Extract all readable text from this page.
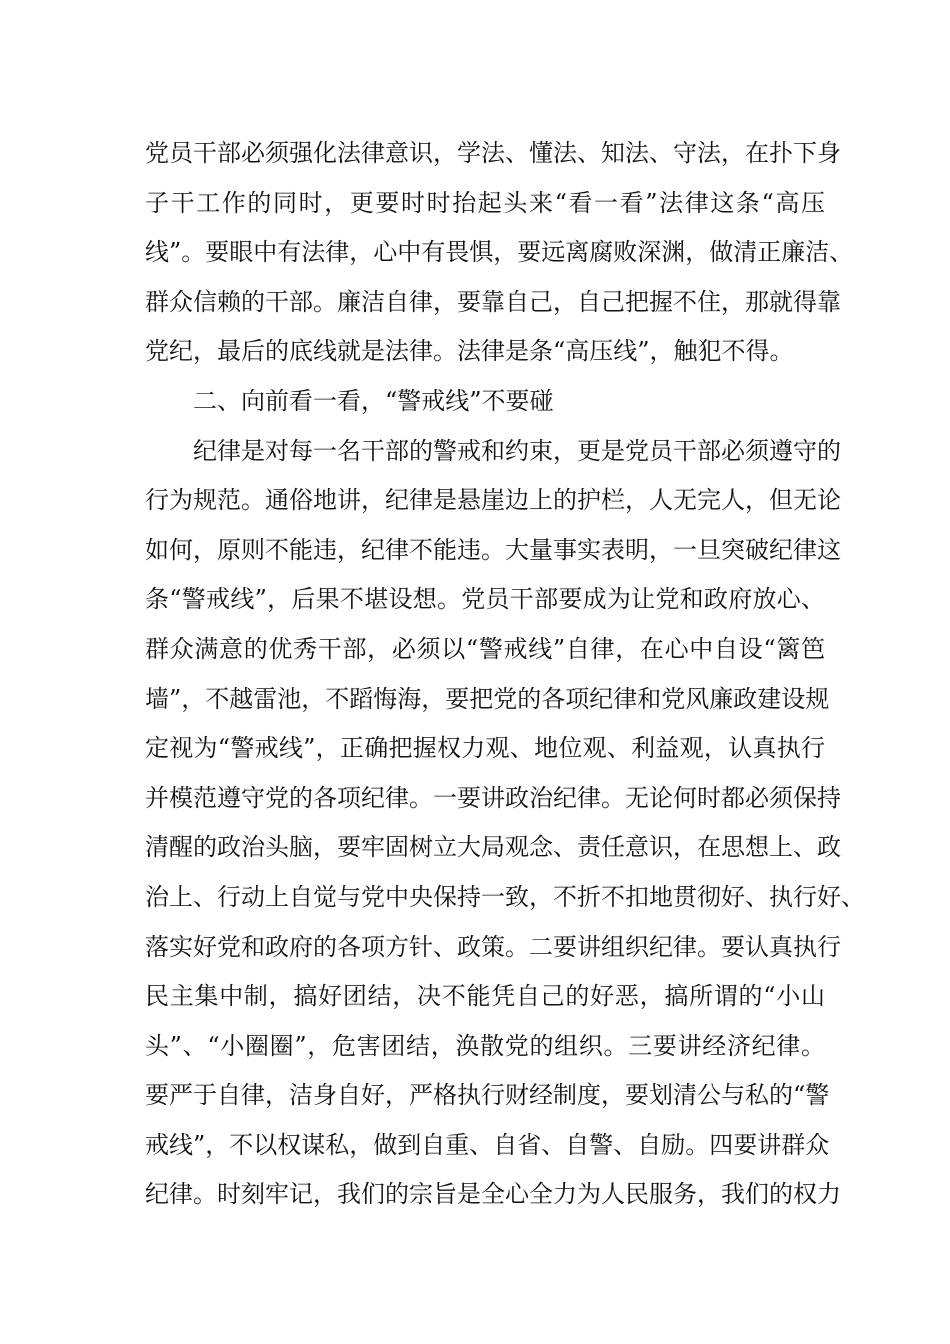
党员干部必须强化法律意识，学法、懂法、知法、守法，在扑下身
子干工作的同时，更要时时抬起头来“看一看”法律这条“高压
线”。要眼中有法律，心中有畏惧，要远离腐败深渊，做清正廉洁、
群众信赖的干部。廉洁自律，要靠自己，自己把握不住，那就得靠
党纪，最后的底线就是法律。法律是条“高压线”，触犯不得。
二、向前看一看，“警戒线”不要碰
纪律是对每一名干部的警戒和约束，更是党员干部必须遵守的
行为规范。通俗地讲，纪律是悬崖边上的护栏，人无完人，但无论
如何，原则不能违，纪律不能违。大量事实表明，一旦突破纪律这
条“警戒线”，后果不堪设想。党员干部要成为让党和政府放心、
群众满意的优秀干部，必须以“警戒线”自律，在心中自设“篱笆
墙”，不越雷池，不蹈悔海，要把党的各项纪律和党风廉政建设规
定视为“警戒线”，正确把握权力观、地位观、利益观，认真执行
并模范遵守党的各项纪律。一要讲政治纪律。无论何时都必须保持
清醒的政治头脑，要牢固树立大局观念、责任意识，在思想上、政
治上、行动上自觉与党中央保持一致，不折不扣地贯彻好、执行好、
落实好党和政府的各项方针、政策。二要讲组织纪律。要认真执行
民主集中制，搞好团结，决不能凭自己的好恶，搞所谓的“小山
头”、“小圈圈”，危害团结，涣散党的组织。三要讲经济纪律。
要严于自律，洁身自好，严格执行财经制度，要划清公与私的“警
戒线”，不以权谋私，做到自重、自省、自警、自励。四要讲群众
纪律。时刻牢记，我们的宗旨是全心全力为人民服务，我们的权力
